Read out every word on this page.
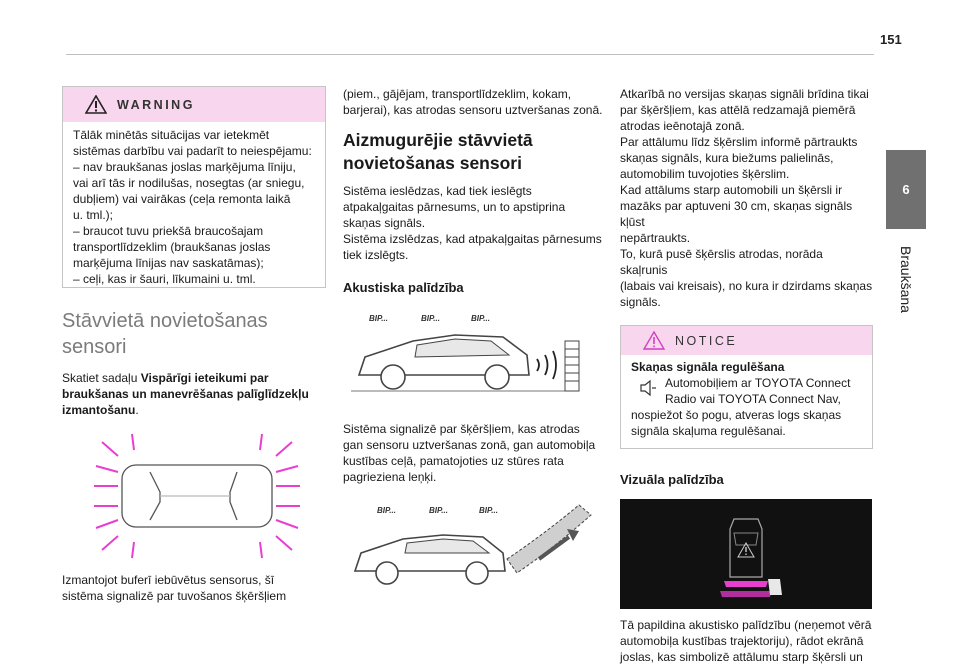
151
6
Braukšana
WARNING

Tālāk minētās situācijas var ietekmēt
sistēmas darbību vai padarīt to neiespējamu:
– nav braukšanas joslas marķējuma līniju,
vai arī tās ir nodilušas, nosegtas (ar sniegu,
dubļiem) vai vairākas (ceļa remonta laikā
u. tml.);
– braucot tuvu priekšā braucošajam
transportlīdzeklim (braukšanas joslas
marķējuma līnijas nav saskatāmas);
– ceļi, kas ir šauri, līkumaini u. tml.

Stāvvietā novietošanas
sensori

Skatiet sadaļu Vispārīgi ieteikumi par braukšanas un manevrēšanas palīglīdzekļu izmantošanu.

Izmantojot buferī iebūvētus sensorus, šī
sistēma signalizē par tuvošanos šķēršļiem

(piem., gājējam, transportlīdzeklim, kokam,
barjerai), kas atrodas sensoru uztveršanas zonā.

Aizmugurējie stāvvietā
novietošanas sensori

Sistēma ieslēdzas, kad tiek ieslēgts
atpakaļgaitas pārnesums, un to apstiprina
skaņas signāls.
Sistēma izslēdzas, kad atpakaļgaitas pārnesums
tiek izslēgts.

Akustiska palīdzība
BIP...	BIP...	BIP...

Sistēma signalizē par šķēršļiem, kas atrodas
gan sensoru uztveršanas zonā, gan automobiļa
kustības ceļā, pamatojoties uz stūres rata
pagrieziena leņķi.

BIP...	BIP...	BIP...

Atkarībā no versijas skaņas signāli brīdina tikai
par šķēršļiem, kas attēlā redzamajā piemērā
atrodas ieēnotajā zonā.
Par attālumu līdz šķērslim informē pārtraukts
skaņas signāls, kura biežums palielinās,
automobilim tuvojoties šķērslim.
Kad attālums starp automobili un šķērsli ir
mazāks par aptuveni 30 cm, skaņas signāls kļūst
nepārtraukts.
To, kurā pusē šķērslis atrodas, norāda skaļrunis
(labais vai kreisais), no kura ir dzirdams skaņas
signāls.

NOTICE

Skaņas signāla regulēšana

Automobiļiem ar TOYOTA Connect
Radio vai TOYOTA Connect Nav,

nospiežot šo pogu, atveras logs skaņas
signāla skaļuma regulēšanai.

Vizuāla palīdzība

Tā papildina akustisko palīdzību (neņemot vērā
automobiļa kustības trajektoriju), rādot ekrānā
joslas, kas simbolizē attālumu starp šķērsli un
